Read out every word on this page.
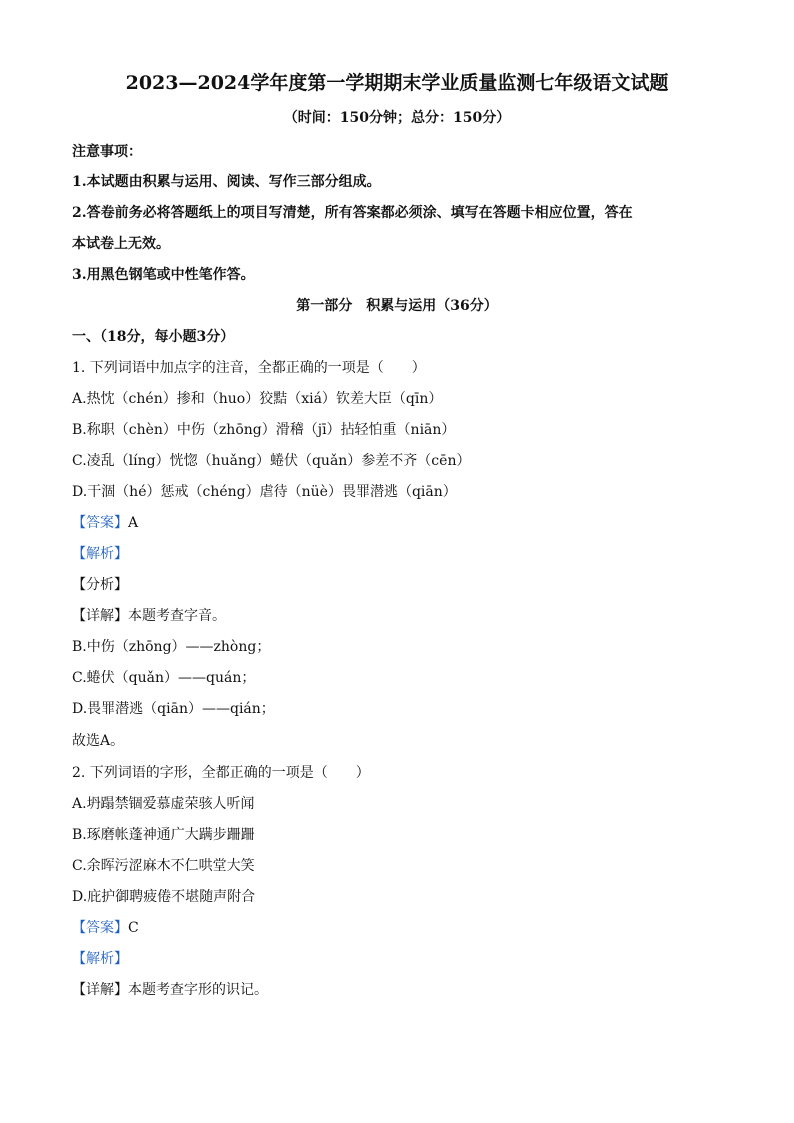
2023—2024学年度第一学期期末学业质量监测七年级语文试题
（时间：150分钟；总分：150分）
注意事项：
1.本试题由积累与运用、阅读、写作三部分组成。
2.答卷前务必将答题纸上的项目写清楚，所有答案都必须涂、填写在答题卡相应位置，答在
本试卷上无效。
3.用黑色钢笔或中性笔作答。
第一部分　积累与运用（36分）
一、（18分，每小题3分）
1. 下列词语中加点字的注音，全都正确的一项是（　　）
A.热忱（chén）掺和（huo）狡黠（xiá）钦差大臣（qīn）
B.称职（chèn）中伤（zhōng）滑稽（jī）拈轻怕重（niān）
C.凌乱（líng）恍惚（huǎng）蜷伏（quǎn）参差不齐（cēn）
D.干涸（hé）惩戒（chéng）虐待（nüè）畏罪潜逃（qiān）
【答案】A
【解析】
【分析】
【详解】本题考查字音。
B.中伤（zhōng）——zhòng；
C.蜷伏（quǎn）——quán；
D.畏罪潜逃（qiān）——qián；
故选A。
2. 下列词语的字形，全都正确的一项是（　　）
A.坍蹋禁锢爱慕虚荣骇人听闻
B.琢磨帐蓬神通广大蹒步跚跚
C.余晖污涩麻木不仁哄堂大笑
D.庇护御聘疲倦不堪随声附合
【答案】C
【解析】
【详解】本题考查字形的识记。
